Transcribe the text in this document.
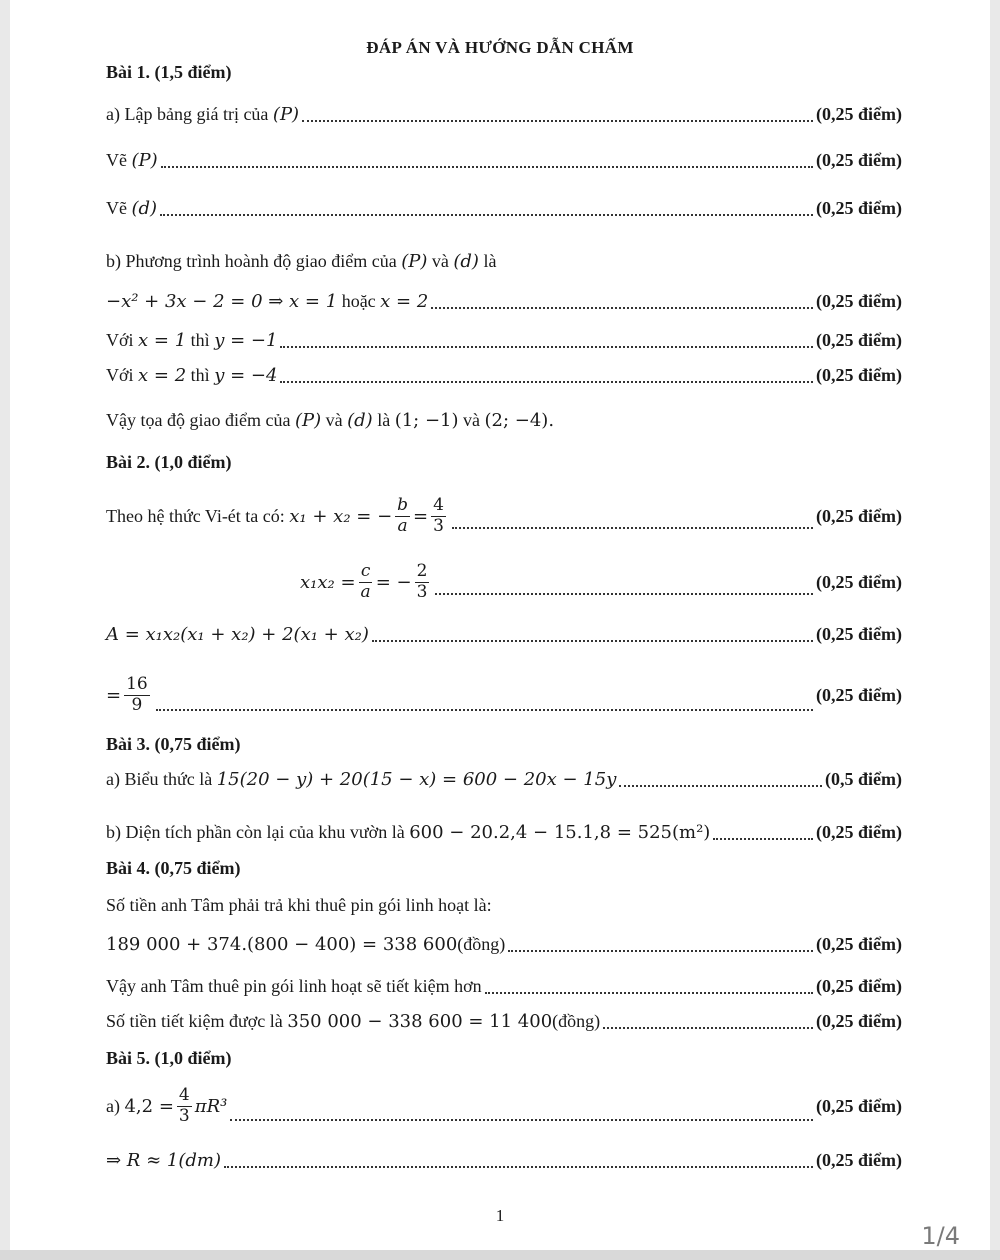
ĐÁP ÁN VÀ HƯỚNG DẪN CHẤM
Bài 1. (1,5 điểm)
a) Lập bảng giá trị của
(P)	(0,25 điểm)
Vẽ
(P)	(0,25 điểm)
Vẽ
(d)	(0,25 điểm)
b) Phương trình hoành độ giao điểm của (P) và (d) là
−x² + 3x − 2 = 0 ⇒ x = 1
hoặc
x = 2	(0,25 điểm)
Với
x = 1
thì
y = −1	(0,25 điểm)
Với
x = 2
thì
y = −4	(0,25 điểm)
Vậy tọa độ giao điểm của (P) và (d) là (1; −1) và (2; −4).
Bài 2. (1,0 điểm)
Theo hệ thức Vi-ét ta có:
x₁ + x₂ = − $\frac{b}{a} = \frac{4}{3}$	(0,25 điểm)
$x_1x_2 = \frac{c}{a}$ = − $\frac{2}{3}$	(0,25 điểm)
A = x₁x₂(x₁ + x₂) + 2(x₁ + x₂)	(0,25 điểm)
= $\frac{16}{9}$	(0,25 điểm)
Bài 3. (0,75 điểm)
a) Biểu thức là
15(20 − y) + 20(15 − x) = 600 − 20x − 15y	(0,5 điểm)
b) Diện tích phần còn lại của khu vườn là
600 − 20.2,4 − 15.1,8 = 525(m²)	(0,25 điểm)
Bài 4. (0,75 điểm)
Số tiền anh Tâm phải trả khi thuê pin gói linh hoạt là:
189 000 + 374.(800 − 400) = 338 600 (đồng)	(0,25 điểm)
Vậy anh Tâm thuê pin gói linh hoạt sẽ tiết kiệm hơn	(0,25 điểm)
Số tiền tiết kiệm được là
350 000 − 338 600 = 11 400 (đồng)	(0,25 điểm)
Bài 5. (1,0 điểm)
a)
$4,2 = \frac{4}{3} \pi R^3$	(0,25 điểm)
⇒ R ≈ 1(dm)	(0,25 điểm)
1
1/4
